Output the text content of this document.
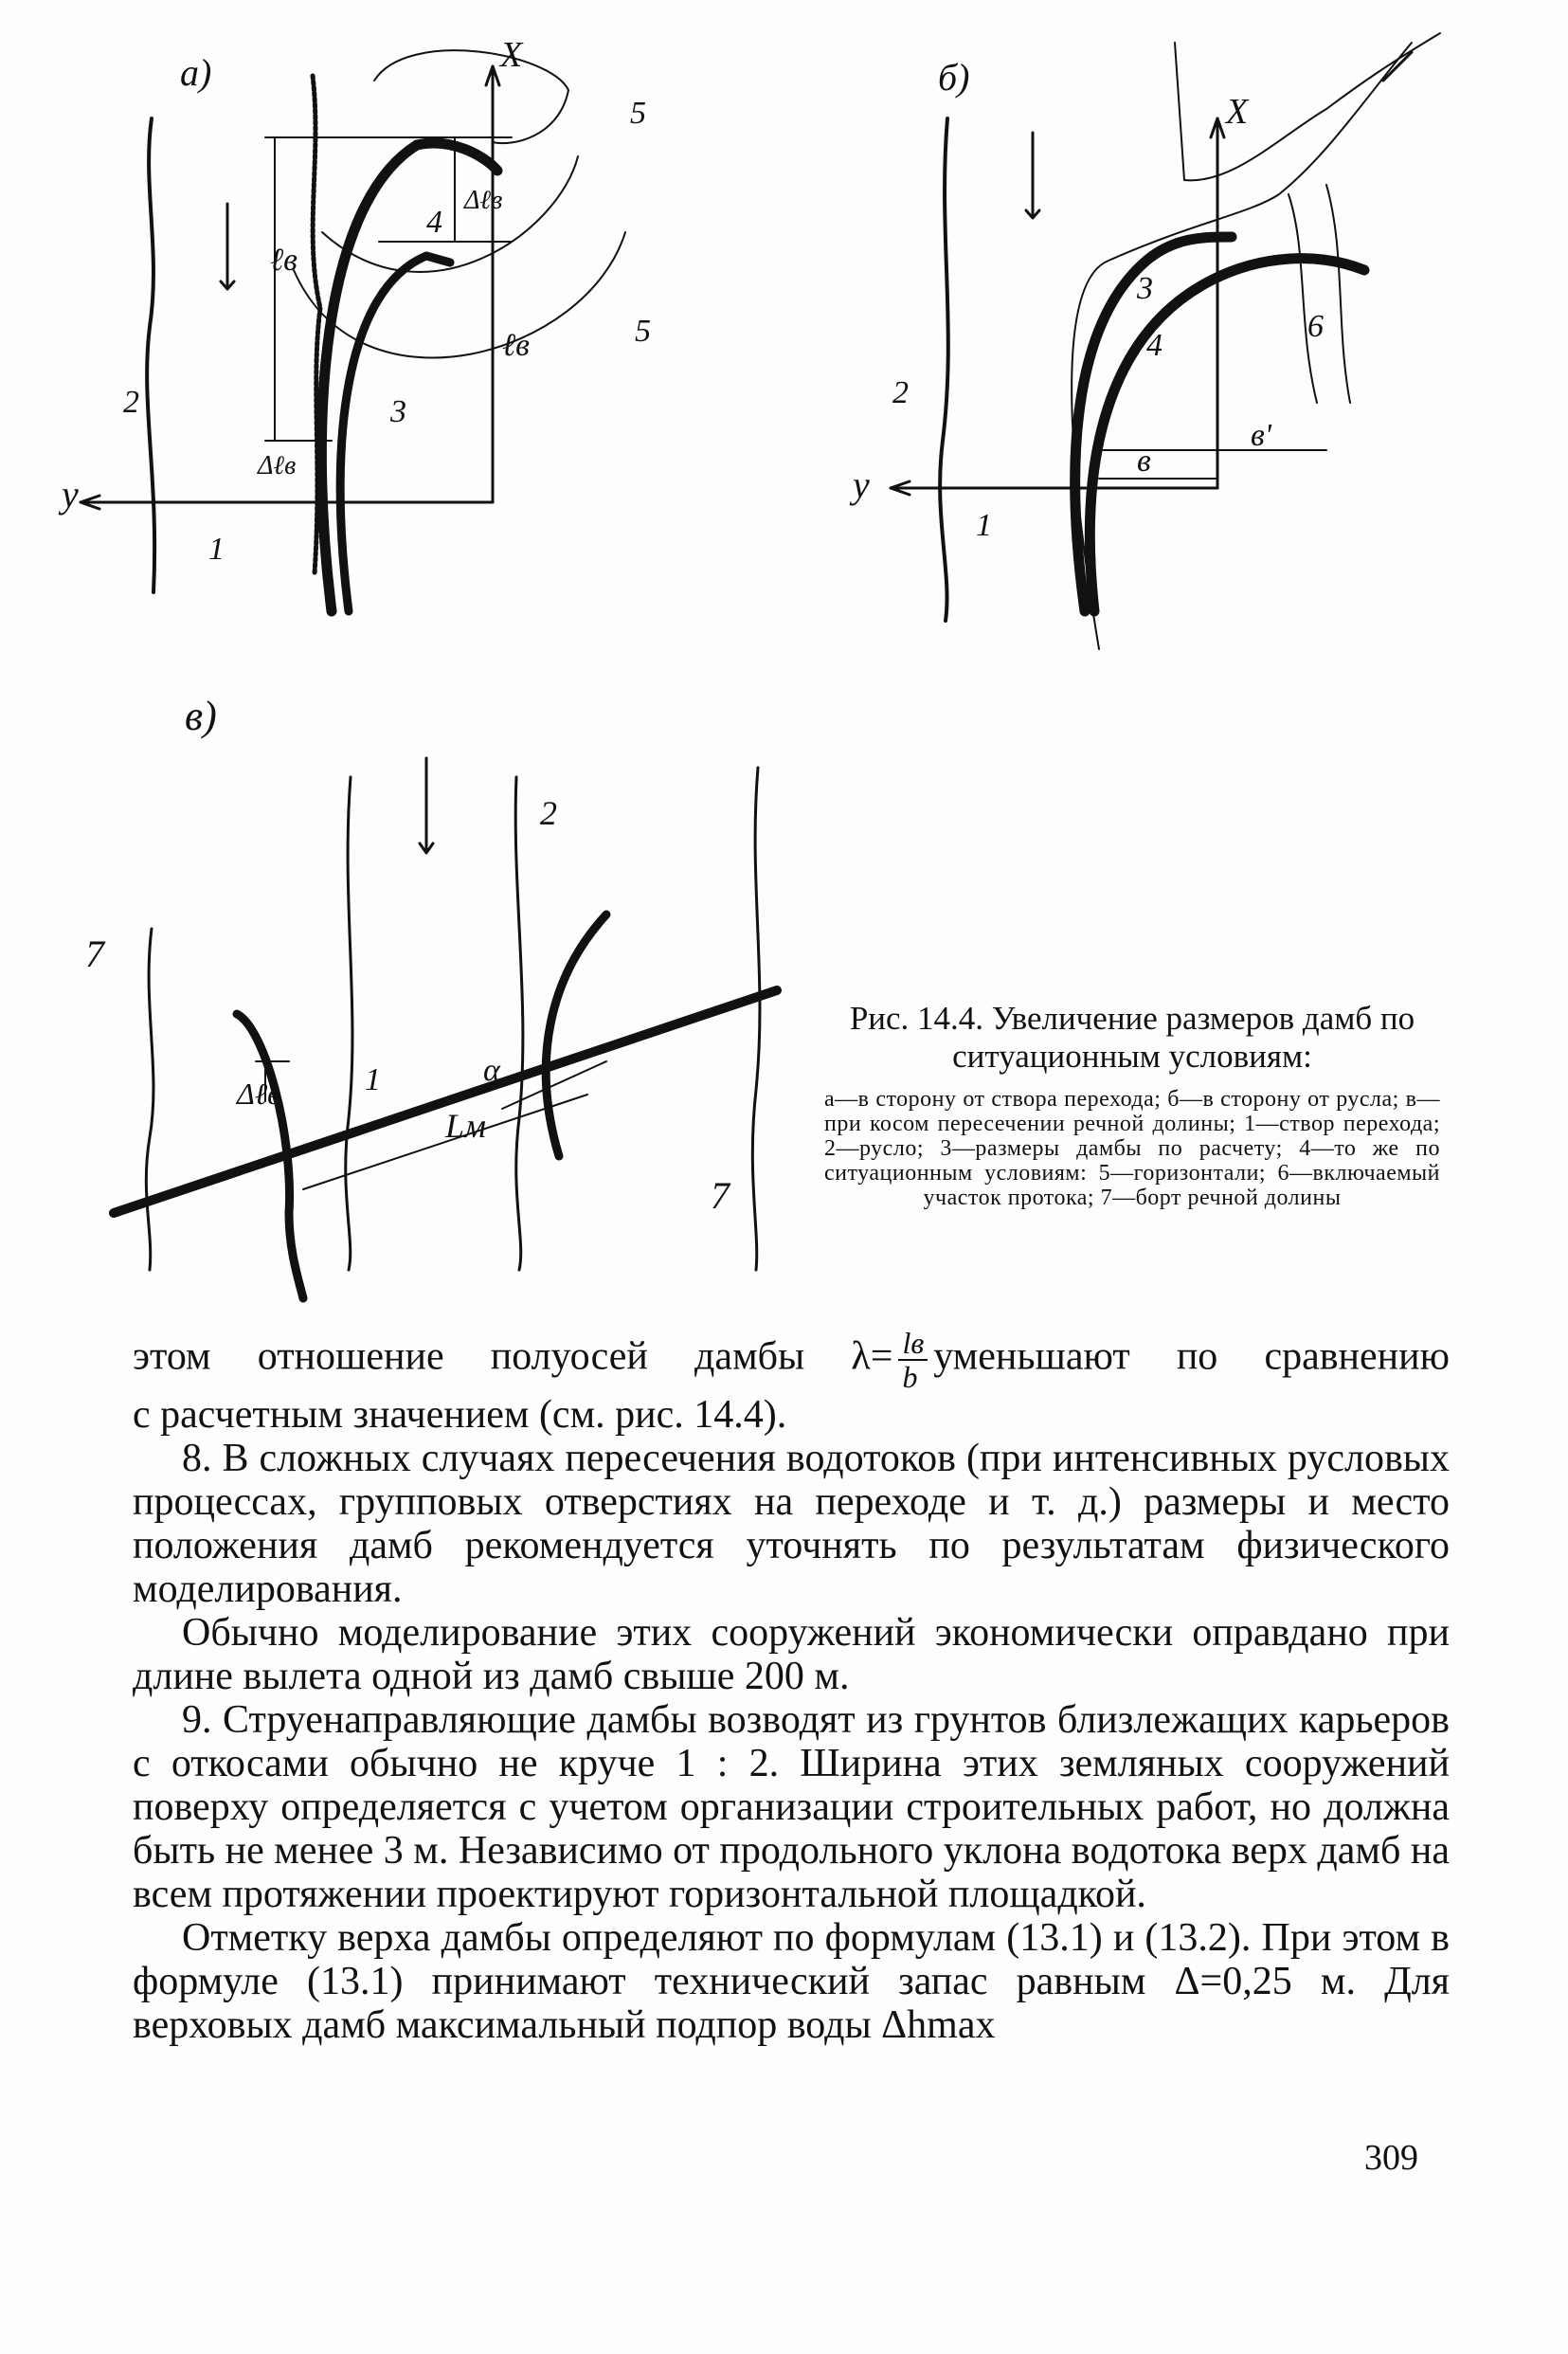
а)
y
X
ℓв
Δℓв
ℓв
Δℓв
1
2	3
4
5
5
б)
y
X
в
в'
1
2
3
4
6
в)
Δℓв
α
Lм
2
7
7
1
Рис. 14.4. Увеличение размеров дамб по ситуационным условиям:
а—в сторону от створа перехода; б—в сторону от русла; в—при косом пересечении речной долины; 1—створ перехода; 2—русло; 3—размеры дамбы по расчету; 4—то же по ситуационным условиям: 5—горизонтали; 6—включаемый участок протока; 7—борт речной долины

этом отношение полуосей дамбы $\lambda= \frac{lв}{b}$ уменьшают по сравнению

с расчетным значением (см. рис. 14.4).

8. В сложных случаях пересечения водотоков (при интенсивных русловых процессах, групповых отверстиях на переходе и т. д.) размеры и место положения дамб рекомендуется уточнять по результатам физического моделирования.

Обычно моделирование этих сооружений экономически оправдано при длине вылета одной из дамб свыше 200 м.

9. Струенаправляющие дамбы возводят из грунтов близлежащих карьеров с откосами обычно не круче 1 : 2. Ширина этих земляных сооружений поверху определяется с учетом организации строительных работ, но должна быть не менее 3 м. Независимо от продольного уклона водотока верх дамб на всем протяжении проектируют горизонтальной площадкой.

Отметку верха дамбы определяют по формулам (13.1) и (13.2). При этом в формуле (13.1) принимают технический запас равным Δ=0,25 м. Для верховых дамб максимальный подпор воды Δhmax

309
